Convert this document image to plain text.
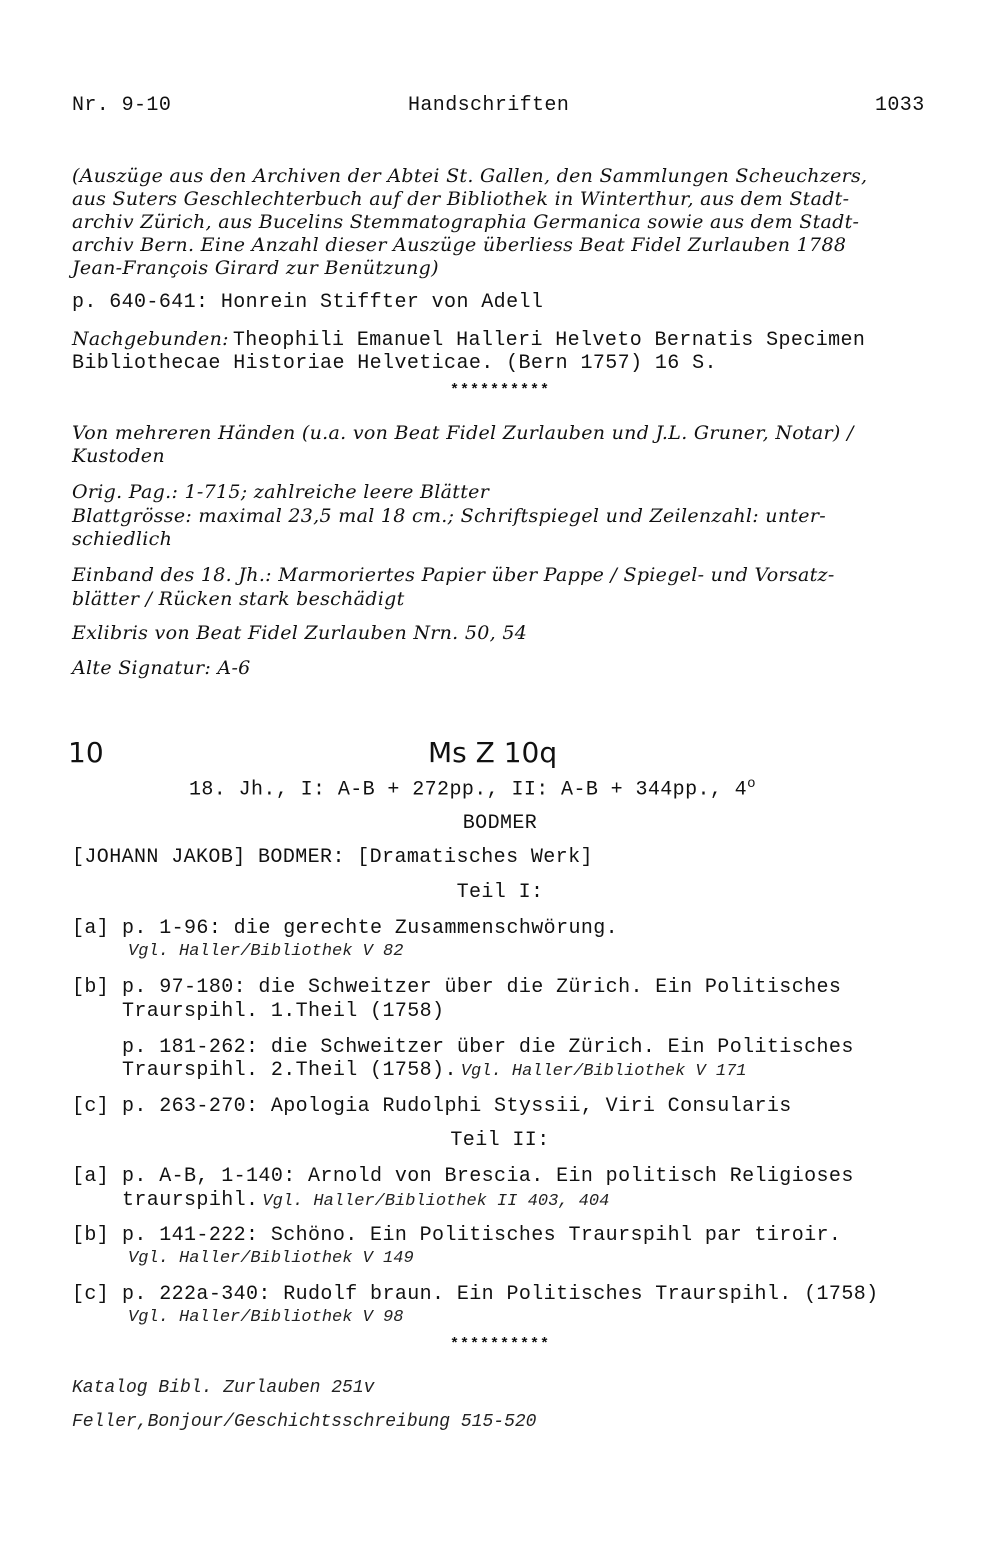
Nr. 9-10	Handschriften	1033
(Auszüge aus den Archiven der Abtei St. Gallen, den Sammlungen Scheuchzers,
aus Suters Geschlechterbuch auf der Bibliothek in Winterthur, aus dem Stadt-
archiv Zürich, aus Bucelins Stemmatographia Germanica sowie aus dem Stadt-
archiv Bern. Eine Anzahl dieser Auszüge überliess Beat Fidel Zurlauben 1788
Jean-François Girard zur Benützung)
p. 640-641: Honrein Stiffter von Adell
Nachgebunden: Theophili Emanuel Halleri Helveto Bernatis Specimen
Bibliothecae Historiae Helveticae. (Bern 1757) 16 S.
**********
Von mehreren Händen (u.a. von Beat Fidel Zurlauben und J.L. Gruner, Notar) /
Kustoden
Orig. Pag.: 1-715; zahlreiche leere Blätter
Blattgrösse: maximal 23,5 mal 18 cm.; Schriftspiegel und Zeilenzahl: unter-
schiedlich
Einband des 18. Jh.: Marmoriertes Papier über Pappe / Spiegel- und Vorsatz-
blätter / Rücken stark beschädigt
Exlibris von Beat Fidel Zurlauben Nrn. 50, 54
Alte Signatur: A-6
10	Ms Z 10q
18. Jh., I: A-B + 272pp., II: A-B + 344pp., 4$^o$
BODMER
[JOHANN JAKOB] BODMER: [Dramatisches Werk]
Teil I:
[a] p. 1-96: die gerechte Zusammenschwörung.
Vgl. Haller/Bibliothek V 82
[b] p. 97-180: die Schweitzer über die Zürich. Ein Politisches
Traurspihl. 1.Theil (1758)
p. 181-262: die Schweitzer über die Zürich. Ein Politisches
Traurspihl. 2.Theil (1758). Vgl. Haller/Bibliothek V 171
[c] p. 263-270: Apologia Rudolphi Styssii, Viri Consularis
Teil II:
[a] p. A-B, 1-140: Arnold von Brescia. Ein politisch Religioses
traurspihl. Vgl. Haller/Bibliothek II 403, 404
[b] p. 141-222: Schöno. Ein Politisches Traurspihl par tiroir.
Vgl. Haller/Bibliothek V 149
[c] p. 222a-340: Rudolf braun. Ein Politisches Traurspihl. (1758)
Vgl. Haller/Bibliothek V 98
**********
Katalog Bibl. Zurlauben 251v
Feller,Bonjour/Geschichtsschreibung 515-520
